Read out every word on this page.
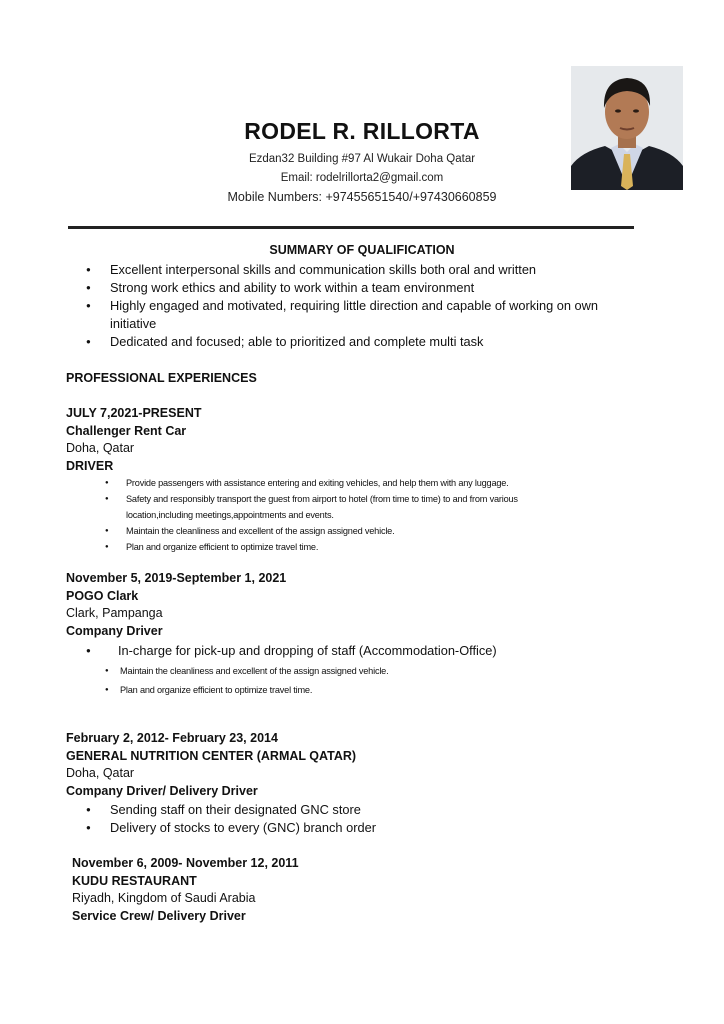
RODEL R. RILLORTA
Ezdan32 Building #97 Al Wukair Doha Qatar
Email: rodelrillorta2@gmail.com
Mobile Numbers: +97455651540/+97430660859
SUMMARY OF QUALIFICATION
● Excellent interpersonal skills and communication skills both oral and written
● Strong work ethics and ability to work within a team environment
● Highly engaged and motivated, requiring little direction and capable of working on own initiative
● Dedicated and focused; able to prioritized and complete multi task
PROFESSIONAL EXPERIENCES
JULY 7,2021-PRESENT
Challenger Rent Car
Doha, Qatar
DRIVER
● Provide passengers with assistance entering and exiting vehicles, and help them with any luggage.
● Safety and responsibly transport the guest from airport to hotel (from time to time) to and from various location,including meetings,appointments and events.
● Maintain the cleanliness and excellent of the assign assigned vehicle.
● Plan and organize efficient to optimize travel time.
November 5, 2019-September 1, 2021
POGO Clark
Clark, Pampanga
Company Driver
● In-charge for pick-up and dropping of staff (Accommodation-Office)
● Maintain the cleanliness and excellent of the assign assigned vehicle.
● Plan and organize efficient to optimize travel time.
February 2, 2012- February 23, 2014
GENERAL NUTRITION CENTER (ARMAL QATAR)
Doha, Qatar
Company Driver/ Delivery Driver
● Sending staff on their designated GNC store
● Delivery of stocks to every (GNC) branch order
November 6, 2009- November 12, 2011
KUDU RESTAURANT
Riyadh, Kingdom of Saudi Arabia
Service Crew/ Delivery Driver
